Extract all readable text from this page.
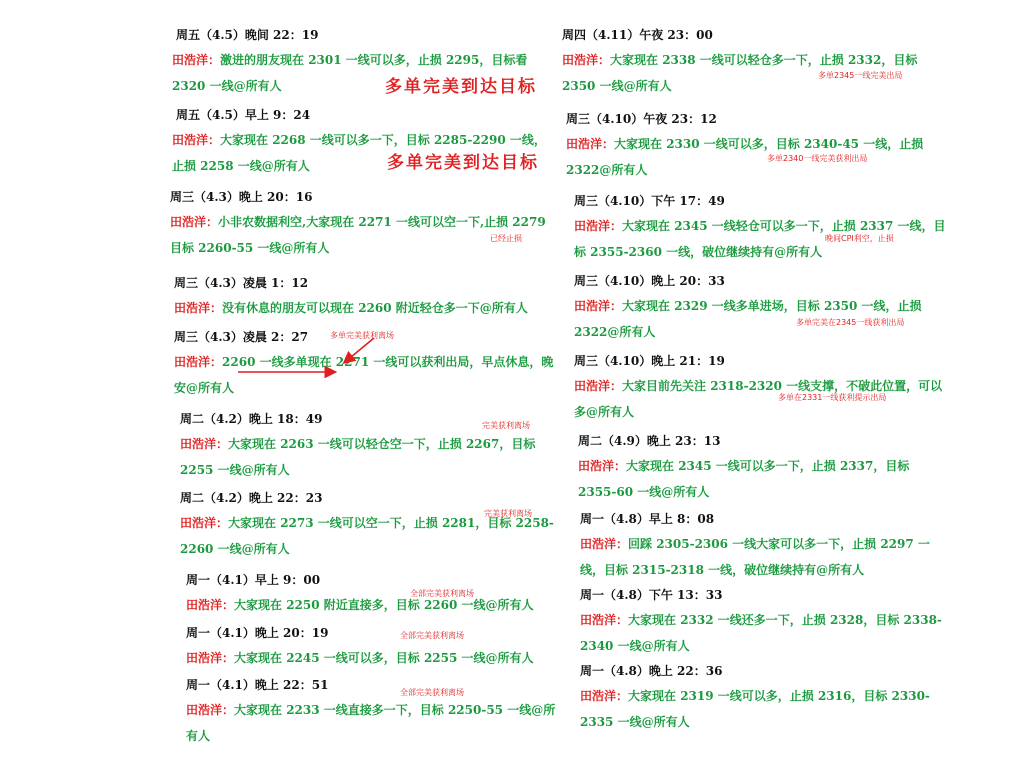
周五（4.5）晚间 22：19
田浩洋：激进的朋友现在 2301 一线可以多，止损 2295，目标看 2320 一线@所有人
周五（4.5）早上 9：24
田浩洋：大家现在 2268 一线可以多一下，目标 2285-2290 一线，止损 2258 一线@所有人
周三（4.3）晚上 20：16
田浩洋：小非农数据利空,大家现在 2271 一线可以空一下,止损 2279 目标 2260-55 一线@所有人
周三（4.3）凌晨 1：12
田浩洋：没有休息的朋友可以现在 2260 附近轻仓多一下@所有人
周三（4.3）凌晨 2：27
田浩洋：2260 一线多单现在 2271 一线可以获利出局，早点休息，晚安@所有人
周二（4.2）晚上 18：49
田浩洋：大家现在 2263 一线可以轻仓空一下，止损 2267，目标 2255 一线@所有人
周二（4.2）晚上 22：23
田浩洋：大家现在 2273 一线可以空一下，止损 2281，目标 2258-2260 一线@所有人
周一（4.1）早上 9：00
田浩洋：大家现在 2250 附近直接多，目标 2260 一线@所有人
周一（4.1）晚上 20：19
田浩洋：大家现在 2245 一线可以多，目标 2255 一线@所有人
周一（4.1）晚上 22：51
田浩洋：大家现在 2233 一线直接多一下，目标 2250-55 一线@所有人
周四（4.11）午夜 23：00
田浩洋：大家现在 2338 一线可以轻仓多一下，止损 2332，目标 2350 一线@所有人
周三（4.10）午夜 23：12
田浩洋：大家现在 2330 一线可以多，目标 2340-45 一线，止损 2322@所有人
周三（4.10）下午 17：49
田浩洋：大家现在 2345 一线轻仓可以多一下，止损 2337 一线，目标 2355-2360 一线，破位继续持有@所有人
周三（4.10）晚上 20：33
田浩洋：大家现在 2329 一线多单进场，目标 2350 一线，止损 2322@所有人
周三（4.10）晚上 21：19
田浩洋：大家目前先关注 2318-2320 一线支撑，不破此位置，可以多@所有人
周二（4.9）晚上 23：13
田浩洋：大家现在 2345 一线可以多一下，止损 2337，目标 2355-60 一线@所有人
周一（4.8）早上 8：08
田浩洋：回踩 2305-2306 一线大家可以多一下，止损 2297 一线，目标 2315-2318 一线，破位继续持有@所有人
周一（4.8）下午 13：33
田浩洋：大家现在 2332 一线还多一下，止损 2328，目标 2338-2340 一线@所有人
周一（4.8）晚上 22：36
田浩洋：大家现在 2319 一线可以多，止损 2316，目标 2330-2335 一线@所有人
多单完美到达目标
多单完美到达目标
已经止损
多单完美获利离场
完美获利离场
完美获利离场
全部完美获利离场
全部完美获利离场
全部完美获利离场
多单2345一线完美出局
多单2340一线完美获利出局
晚间CPI利空，止损
多单完美在2345一线获利出局
多单在2331一线获利提示出局
